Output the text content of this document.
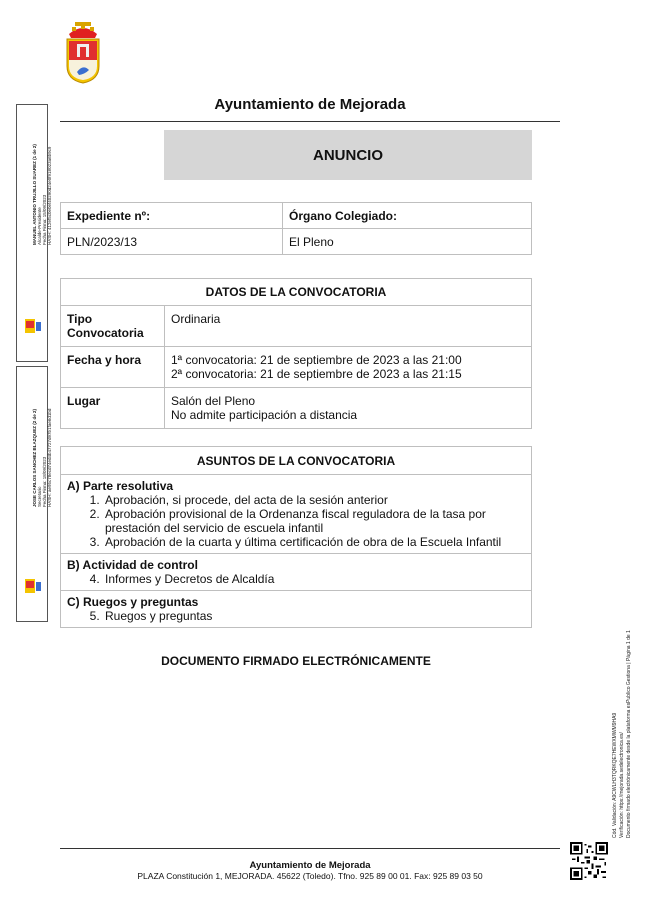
Ayuntamiento de Mejorada
ANUNCIO
Expediente nº:	Órgano Colegiado:
PLN/2023/13	El Pleno
DATOS DE LA CONVOCATORIA	
Tipo Convocatoria	Ordinaria

Fecha y hora	1ª convocatoria: 21 de septiembre de 2023 a las 21:00
2ª convocatoria: 21 de septiembre de 2023 a las 21:15

Lugar	Salón del Pleno
No admite participación a distancia
ASUNTOS DE LA CONVOCATORIA

A) Parte resolutiva
1. Aprobación, si procede, del acta de la sesión anterior
2. Aprobación provisional de la Ordenanza fiscal reguladora de la tasa por prestación del servicio de escuela infantil
3. Aprobación de la cuarta y última certificación de obra de la Escuela Infantil

B) Actividad de control
4. Informes y Decretos de Alcaldía

C) Ruegos y preguntas
5. Ruegos y preguntas
DOCUMENTO FIRMADO ELECTRÓNICAMENTE
Ayuntamiento de Mejorada
PLAZA Constitución 1, MEJORADA. 45622 (Toledo). Tfno. 925 89 00 01. Fax: 925 89 03 50
MANUEL ANTONIO TRUJILLO SUAREZ (1 de 2) Alcalde-Presidente Fecha Firma: 15/09/2023 HASH: 412ef5c0e0ef40290d24e0f918023a6b9c9
JOSE CARLOS SANCHEZ BLAZQUEZ (2 de 2) Secretario Fecha Firma: 18/09/2023 HASH: ae95c78ecd74ed4b47727d97b1fae6d1bd
Cód. Validación: A9CWLH3TQRKQE7HEWXMWM9HA9 Verificación: https://mejorada.sedelectronica.es/ Documento firmado electrónicamente desde la plataforma esPublico Gestiona | Página 1 de 1
